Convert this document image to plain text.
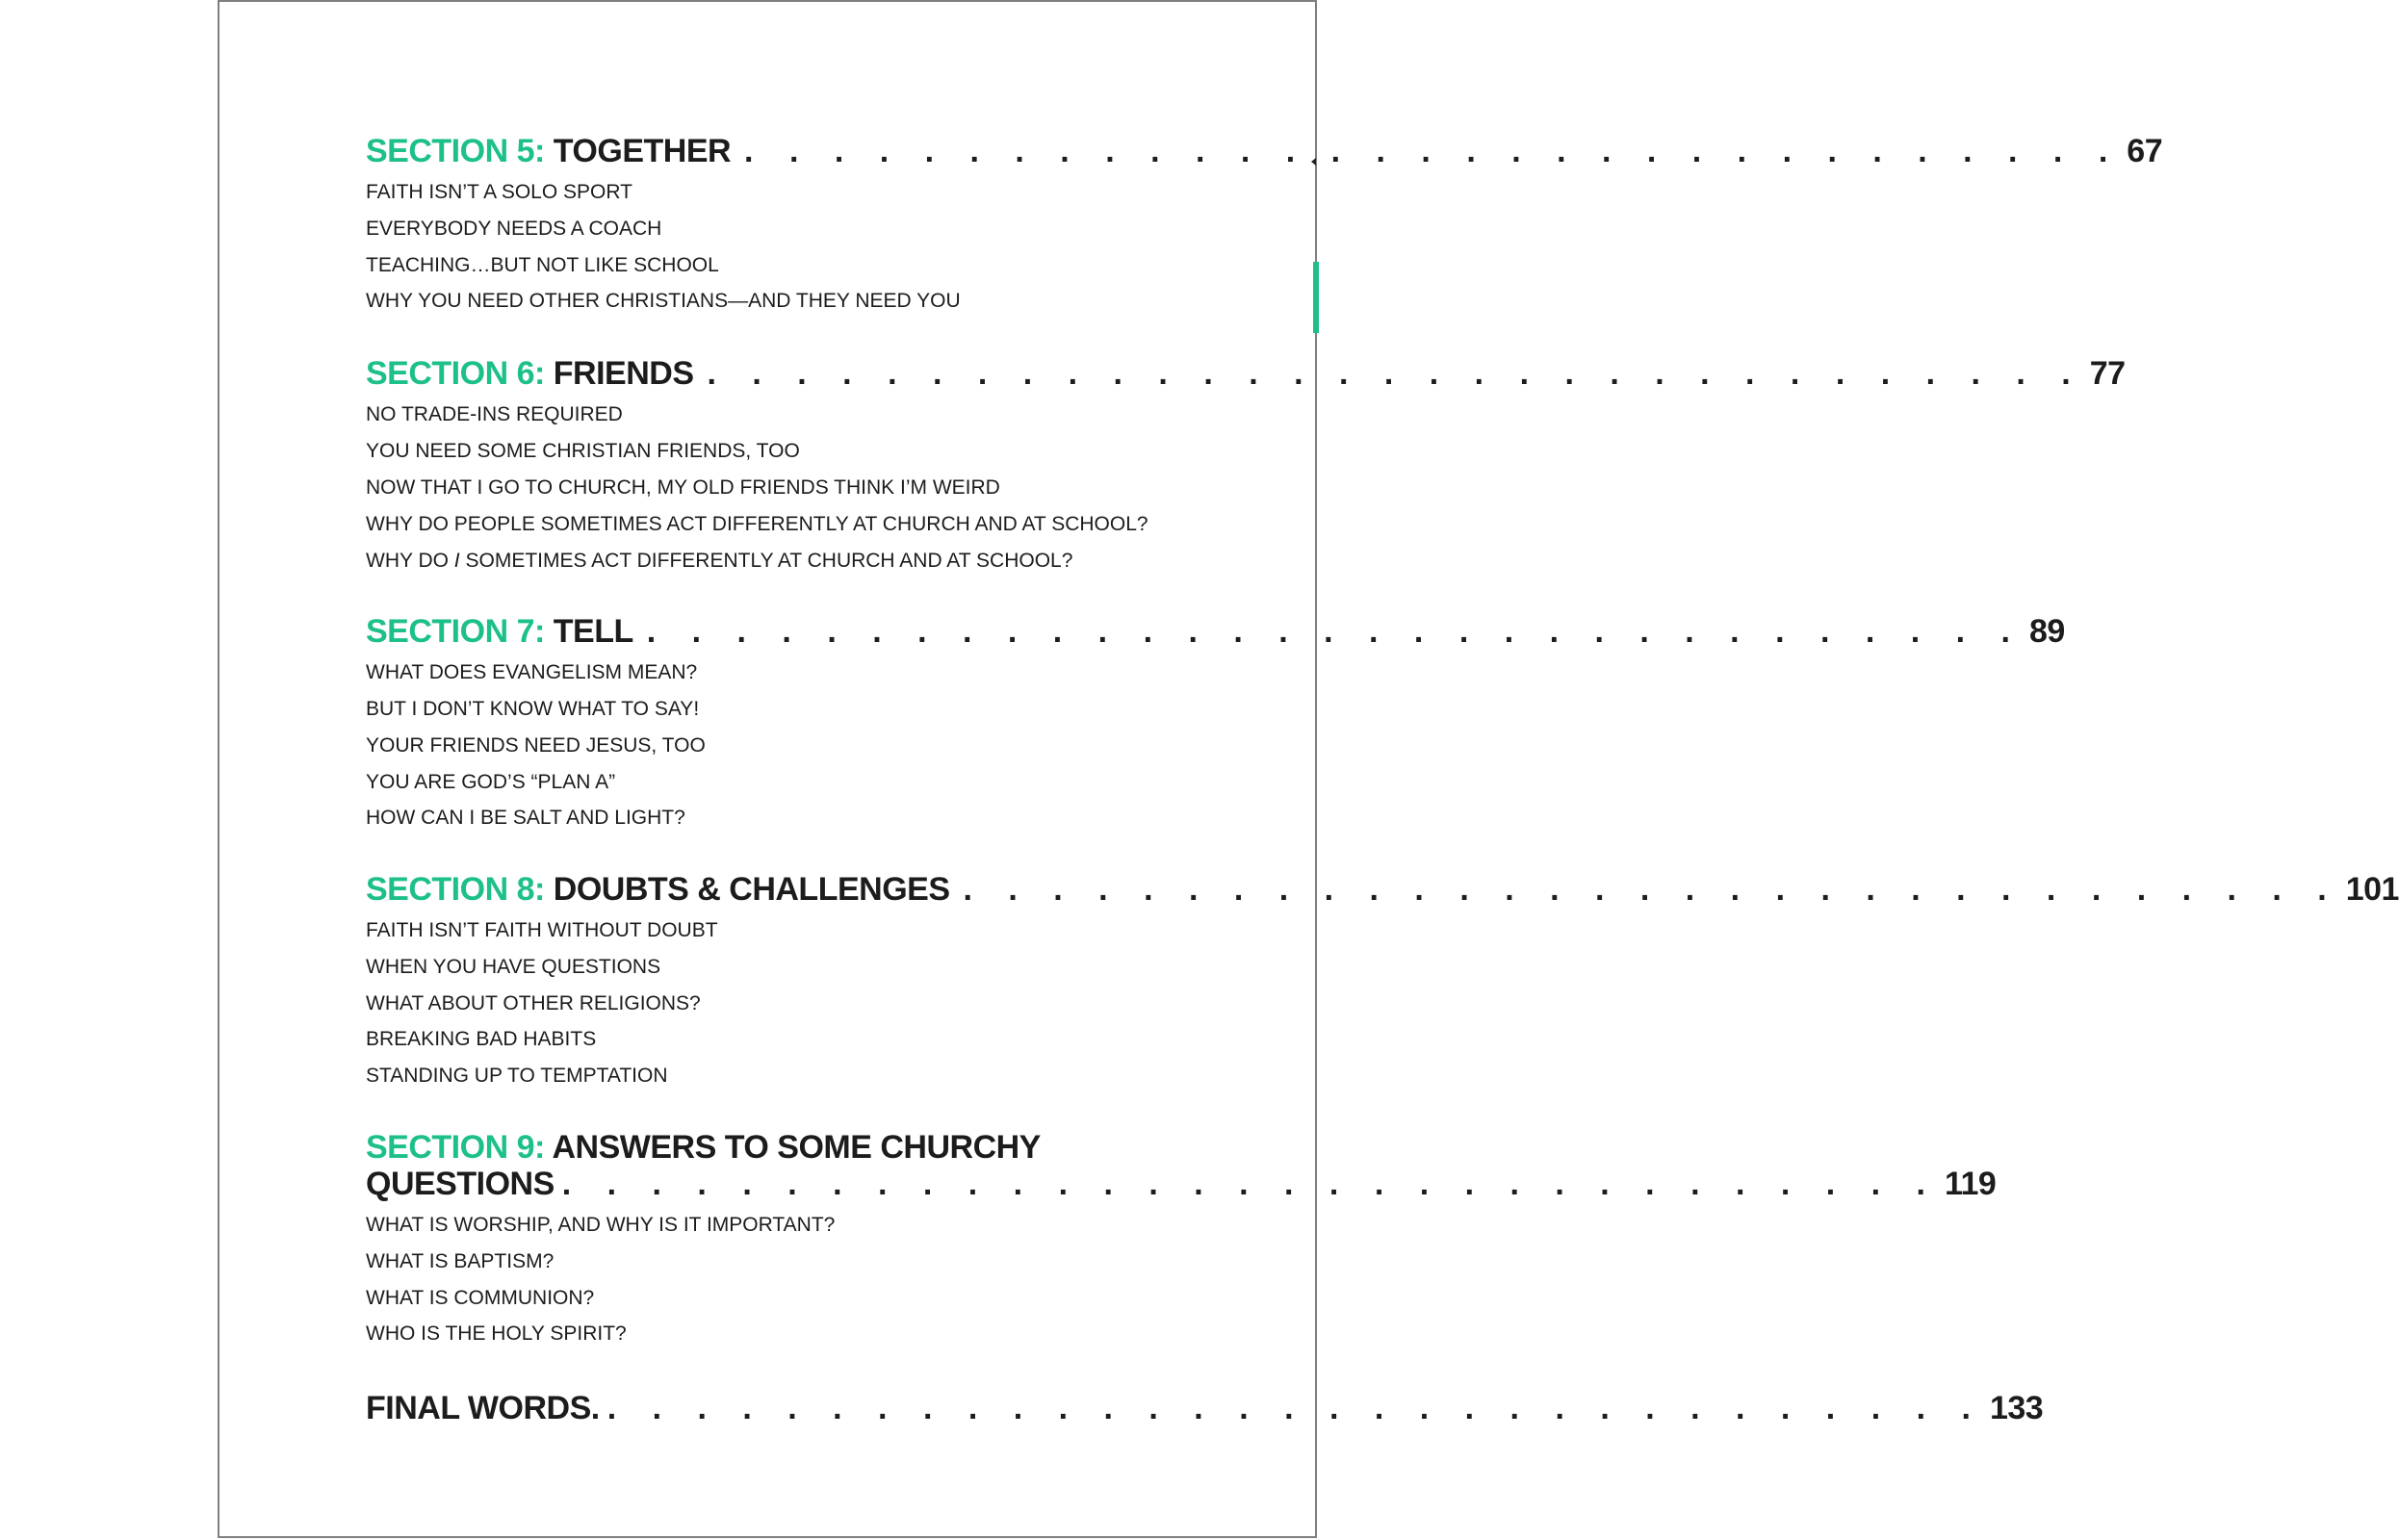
SECTION 5: TOGETHER . . . . . . . . . . . . . . . . . . . . . . . . . . . . . . . 67
FAITH ISN’T A SOLO SPORT
EVERYBODY NEEDS A COACH
TEACHING…BUT NOT LIKE SCHOOL
WHY YOU NEED OTHER CHRISTIANS—AND THEY NEED YOU
SECTION 6: FRIENDS . . . . . . . . . . . . . . . . . . . . . . . . . . . . . . . 77
NO TRADE-INS REQUIRED
YOU NEED SOME CHRISTIAN FRIENDS, TOO
NOW THAT I GO TO CHURCH, MY OLD FRIENDS THINK I’M WEIRD
WHY DO PEOPLE SOMETIMES ACT DIFFERENTLY AT CHURCH AND AT SCHOOL?
WHY DO I SOMETIMES ACT DIFFERENTLY AT CHURCH AND AT SCHOOL?
SECTION 7: TELL . . . . . . . . . . . . . . . . . . . . . . . . . . . . . . . 89
WHAT DOES EVANGELISM MEAN?
BUT I DON’T KNOW WHAT TO SAY!
YOUR FRIENDS NEED JESUS, TOO
YOU ARE GOD’S “PLAN A”
HOW CAN I BE SALT AND LIGHT?
SECTION 8: DOUBTS & CHALLENGES . . . . . . . . . . . . . . . . . . . . . . . . . . . . . . . 101
FAITH ISN’T FAITH WITHOUT DOUBT
WHEN YOU HAVE QUESTIONS
WHAT ABOUT OTHER RELIGIONS?
BREAKING BAD HABITS
STANDING UP TO TEMPTATION
SECTION 9: ANSWERS TO SOME CHURCHY
QUESTIONS . . . . . . . . . . . . . . . . . . . . . . . . . . . . . . . 119
WHAT IS WORSHIP, AND WHY IS IT IMPORTANT?
WHAT IS BAPTISM?
WHAT IS COMMUNION?
WHO IS THE HOLY SPIRIT?
FINAL WORDS. . . . . . . . . . . . . . . . . . . . . . . . . . . . . . . . 133
